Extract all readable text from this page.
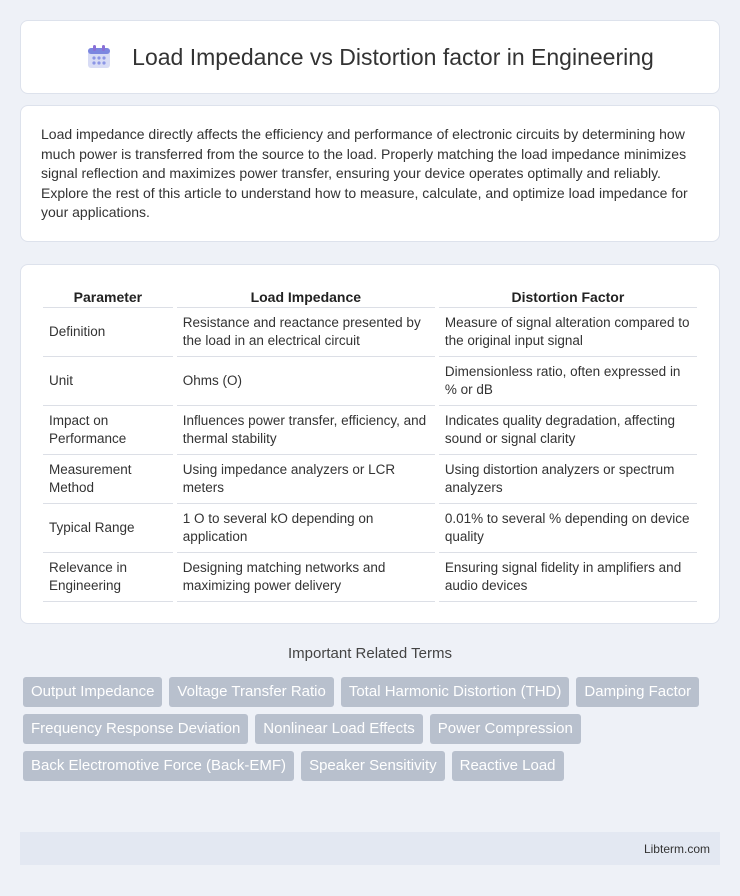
Load Impedance vs Distortion factor in Engineering

Load impedance directly affects the efficiency and performance of electronic circuits by determining how much power is transferred from the source to the load. Properly matching the load impedance minimizes signal reflection and maximizes power transfer, ensuring your device operates optimally and reliably. Explore the rest of this article to understand how to measure, calculate, and optimize load impedance for your applications.

Parameter	Load Impedance	Distortion Factor
Definition	Resistance and reactance presented by the load in an electrical circuit	Measure of signal alteration compared to the original input signal
Unit	Ohms (O)	Dimensionless ratio, often expressed in % or dB
Impact on Performance	Influences power transfer, efficiency, and thermal stability	Indicates quality degradation, affecting sound or signal clarity
Measurement Method	Using impedance analyzers or LCR meters	Using distortion analyzers or spectrum analyzers
Typical Range	1 O to several kO depending on application	0.01% to several % depending on device quality
Relevance in Engineering	Designing matching networks and maximizing power delivery	Ensuring signal fidelity in amplifiers and audio devices
Important Related Terms
Output Impedance	Voltage Transfer Ratio	Total Harmonic Distortion (THD)	Damping Factor
Frequency Response Deviation	Nonlinear Load Effects	Power Compression
Back Electromotive Force (Back-EMF)	Speaker Sensitivity	Reactive Load
Libterm.com
